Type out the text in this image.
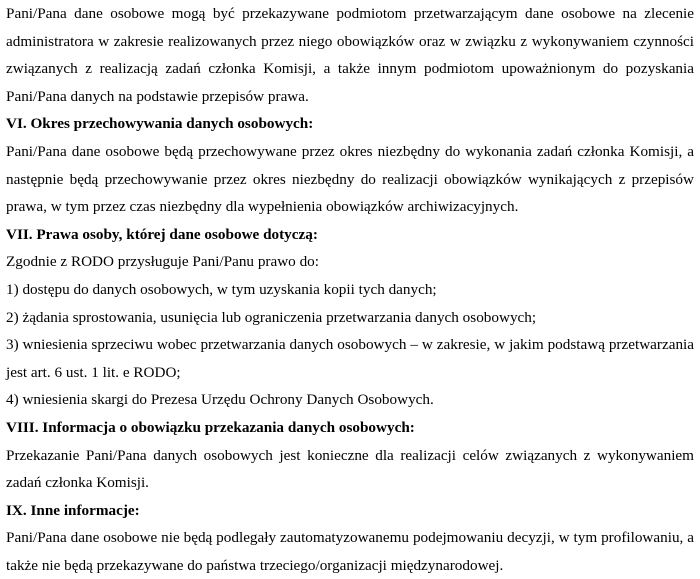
Pani/Pana dane osobowe mogą być przekazywane podmiotom przetwarzającym dane osobowe na zlecenie administratora w zakresie realizowanych przez niego obowiązków oraz w związku z wykonywaniem czynności związanych z realizacją zadań członka Komisji, a także innym podmiotom upoważnionym do pozyskania Pani/Pana danych na podstawie przepisów prawa.

VI. Okres przechowywania danych osobowych:

Pani/Pana dane osobowe będą przechowywane przez okres niezbędny do wykonania zadań członka Komisji, a następnie będą przechowywanie przez okres niezbędny do realizacji obowiązków wynikających z przepisów prawa, w tym przez czas niezbędny dla wypełnienia obowiązków archiwizacyjnych.

VII. Prawa osoby, której dane osobowe dotyczą:

Zgodnie z RODO przysługuje Pani/Panu prawo do:

1) dostępu do danych osobowych, w tym uzyskania kopii tych danych;

2) żądania sprostowania, usunięcia lub ograniczenia przetwarzania danych osobowych;

3) wniesienia sprzeciwu wobec przetwarzania danych osobowych – w zakresie, w jakim podstawą przetwarzania jest art. 6 ust. 1 lit. e RODO;

4) wniesienia skargi do Prezesa Urzędu Ochrony Danych Osobowych.

VIII. Informacja o obowiązku przekazania danych osobowych:

Przekazanie Pani/Pana danych osobowych jest konieczne dla realizacji celów związanych z wykonywaniem zadań członka Komisji.

IX. Inne informacje:

Pani/Pana dane osobowe nie będą podlegały zautomatyzowanemu podejmowaniu decyzji, w tym profilowaniu, a także nie będą przekazywane do państwa trzeciego/organizacji międzynarodowej.
